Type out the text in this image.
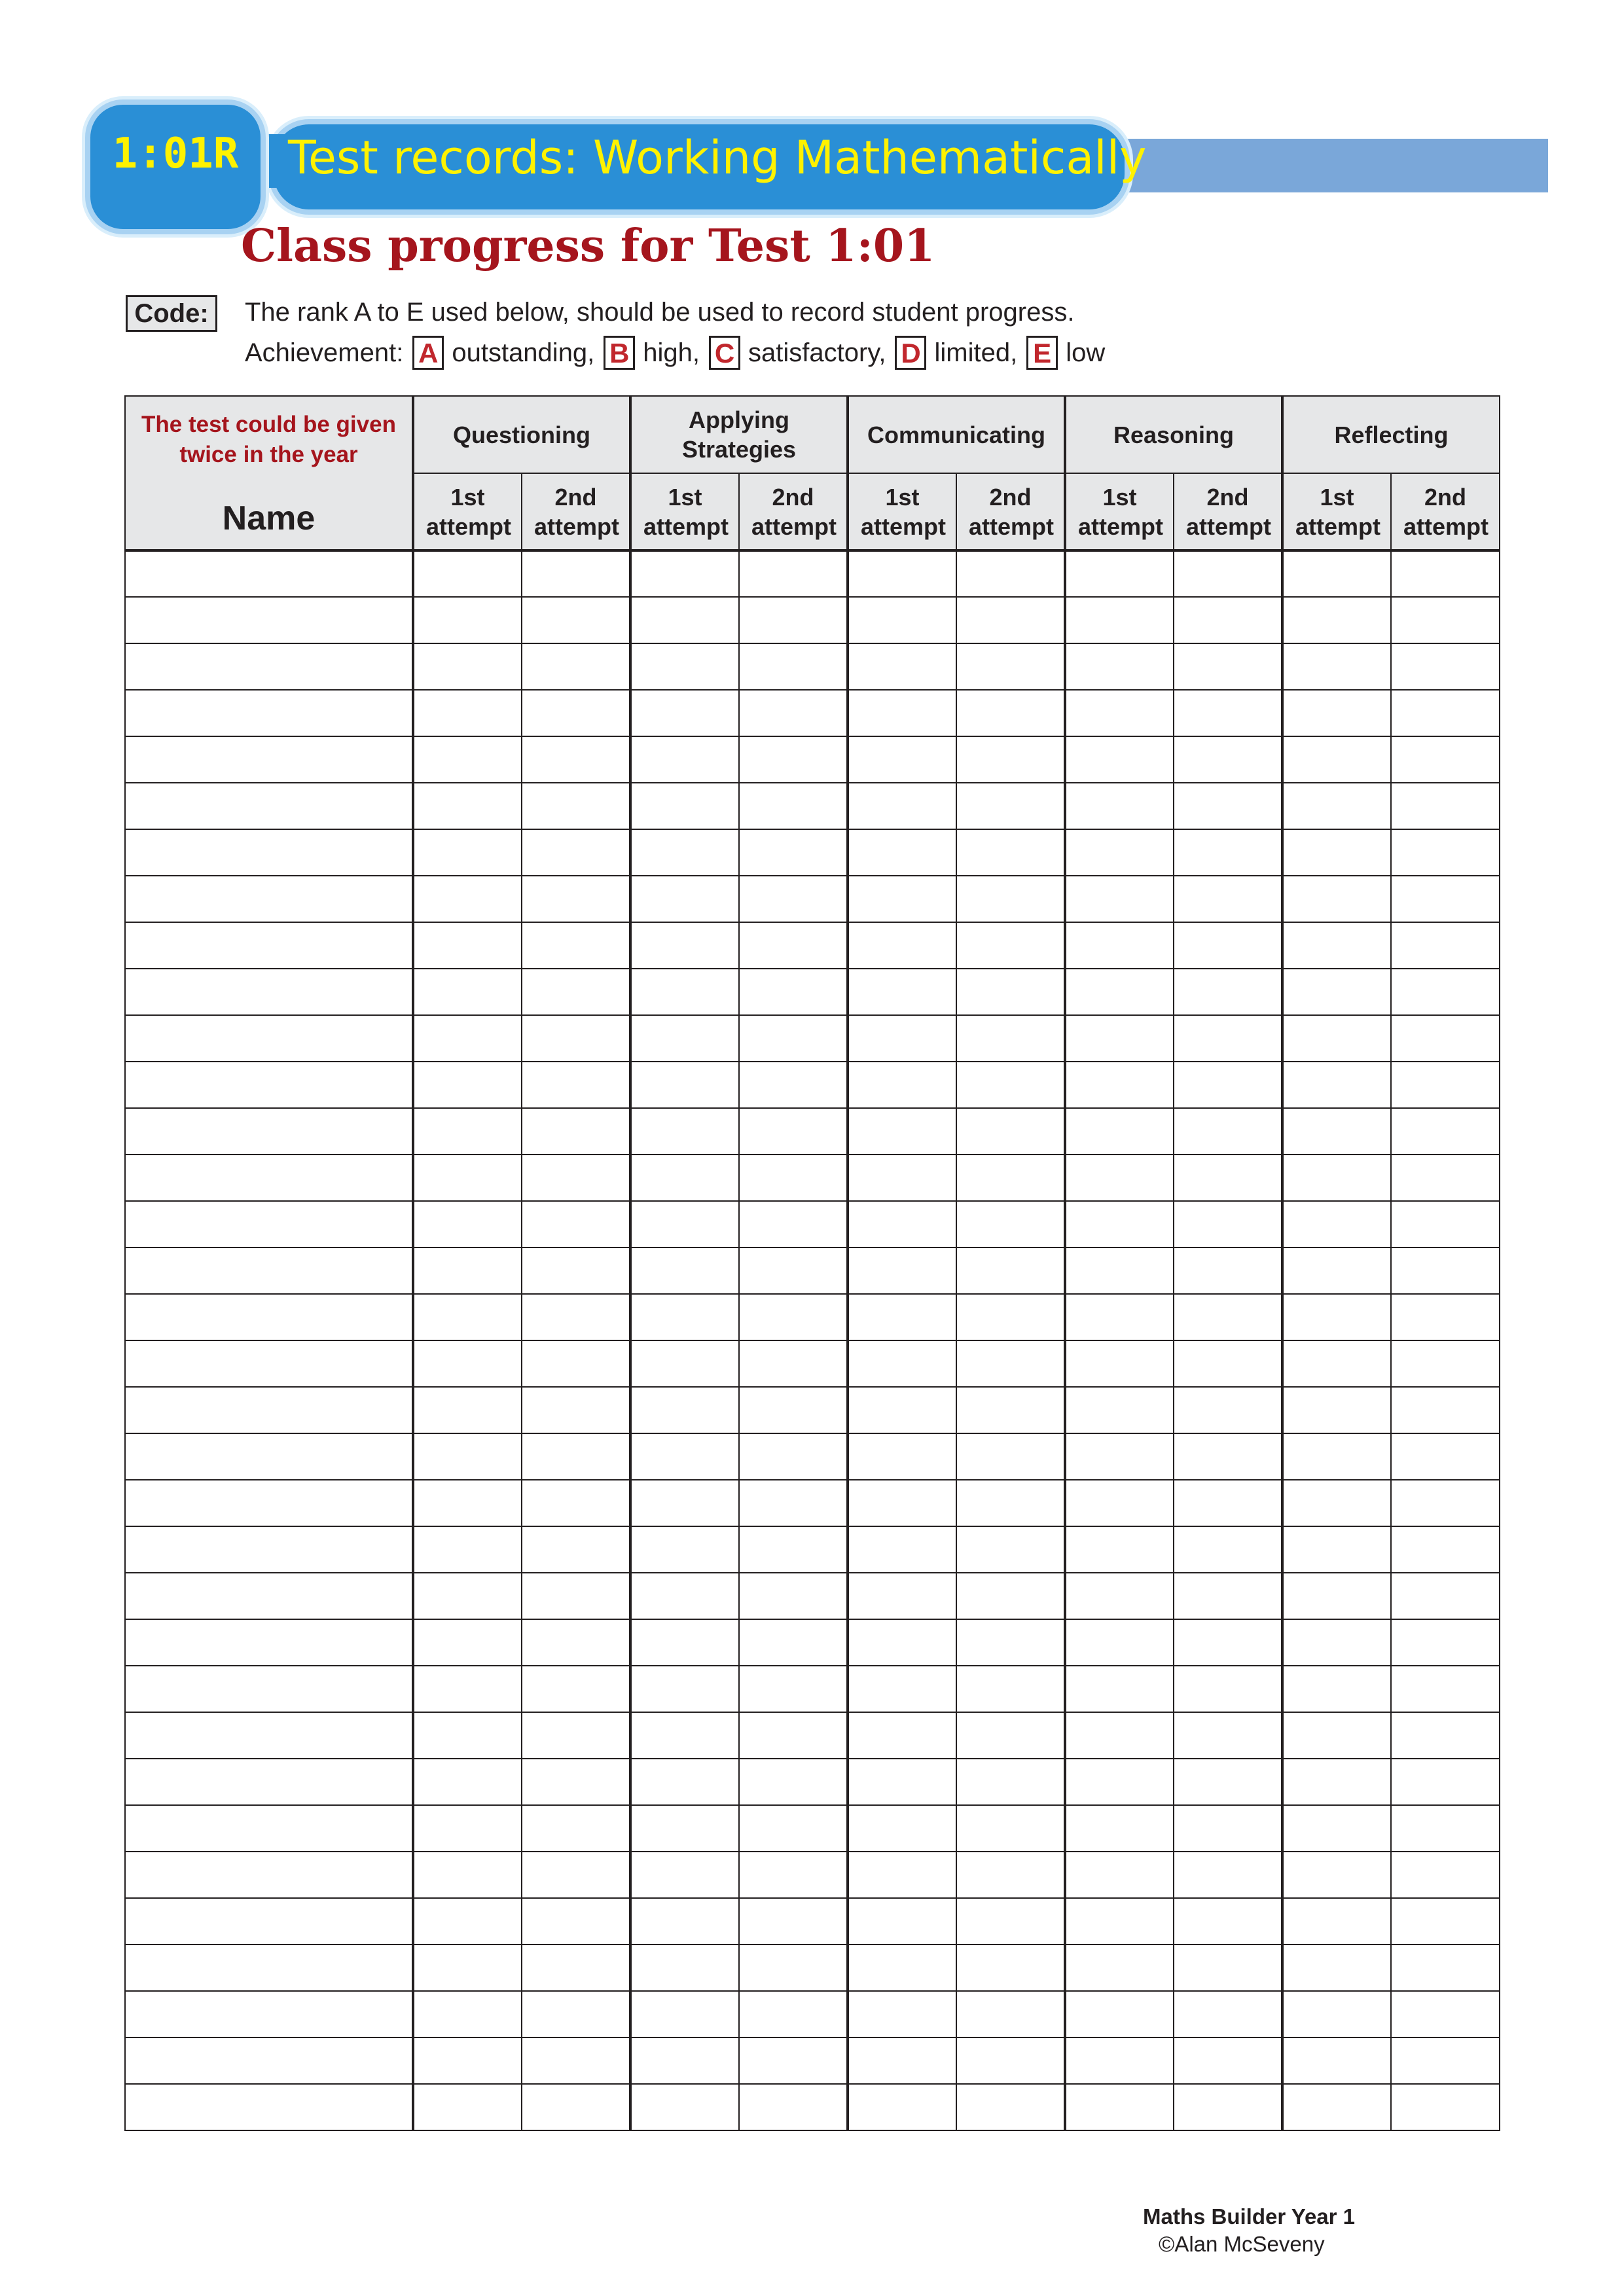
1:01R	Test records: Working Mathematically
Class progress for Test 1:01
Code:	The rank A to E used below, should be used to record student progress.
Achievement: A outstanding, B high, C satisfactory, D limited, E low
The test could be given twice in the year
Name	Questioning		Applying Strategies		Communicating		Reasoning		Reflecting	
	1st attempt	2nd attempt	1st attempt	2nd attempt	1st attempt	2nd attempt	1st attempt	2nd attempt	1st attempt	2nd attempt

Maths Builder Year 1
©Alan McSeveny
